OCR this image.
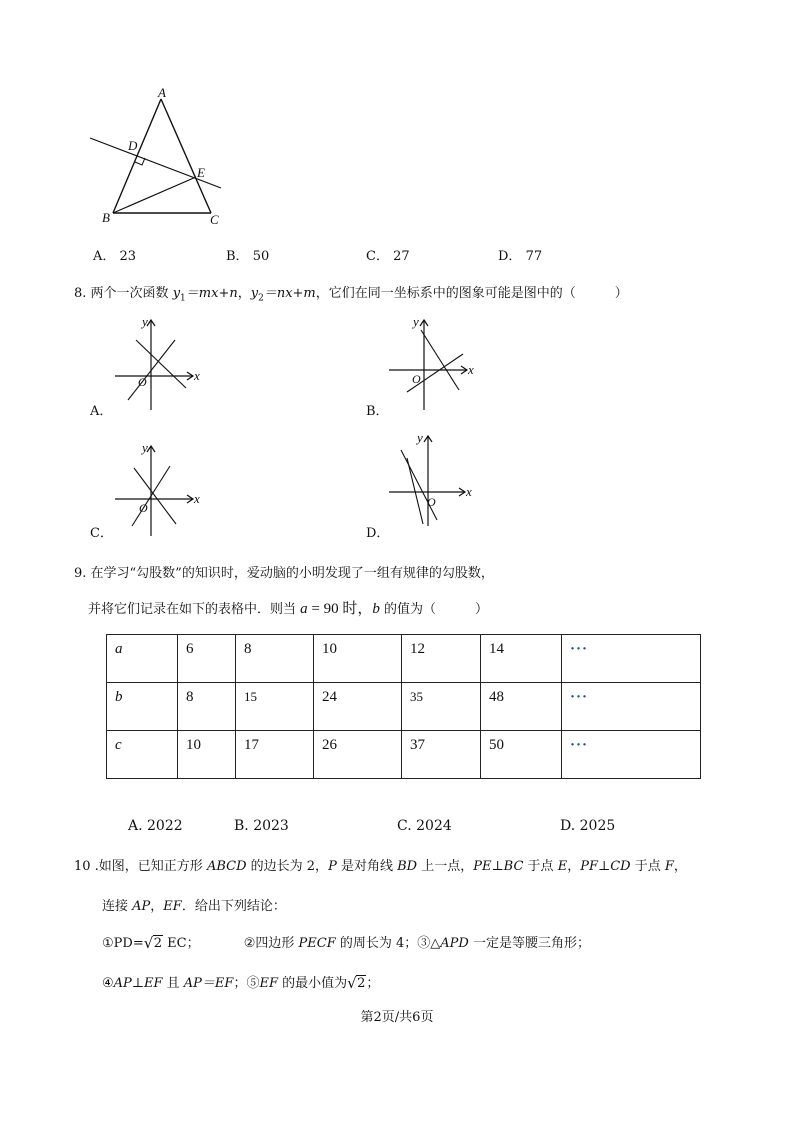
A
D
E
B	C
A． 23	B． 50	C． 27	D． 77
8. 两个一次函数 $y_1=mx+n$，$y_2=nx+m$，它们在同一坐标系中的图象可能是图中的（　　　）
y
x
O
A．
y
x
O
B．
y
x
O
C．
y
x
O
D．
9. 在学习“勾股数”的知识时，爱动脑的小明发现了一组有规律的勾股数，
并将它们记录在如下的表格中．则当 a = 90 时，b 的值为（　　　）
a	6	8	10	12	14	···
b	8	15	24	35	48	···
c	10	17	26	37	50	···
A. 2022	B. 2023	C. 2024	D. 2025
10 .如图，已知正方形 ABCD 的边长为 2，P 是对角线 BD 上一点，PE⊥BC 于点 E，PF⊥CD 于点 F，
连接 AP，EF．给出下列结论：
①PD= √ 2 EC；	②四边形 PECF 的周长为 4；③△APD 一定是等腰三角形；
④AP⊥EF 且 AP＝EF；⑤EF 的最小值为 √ 2；
第2页/共6页
